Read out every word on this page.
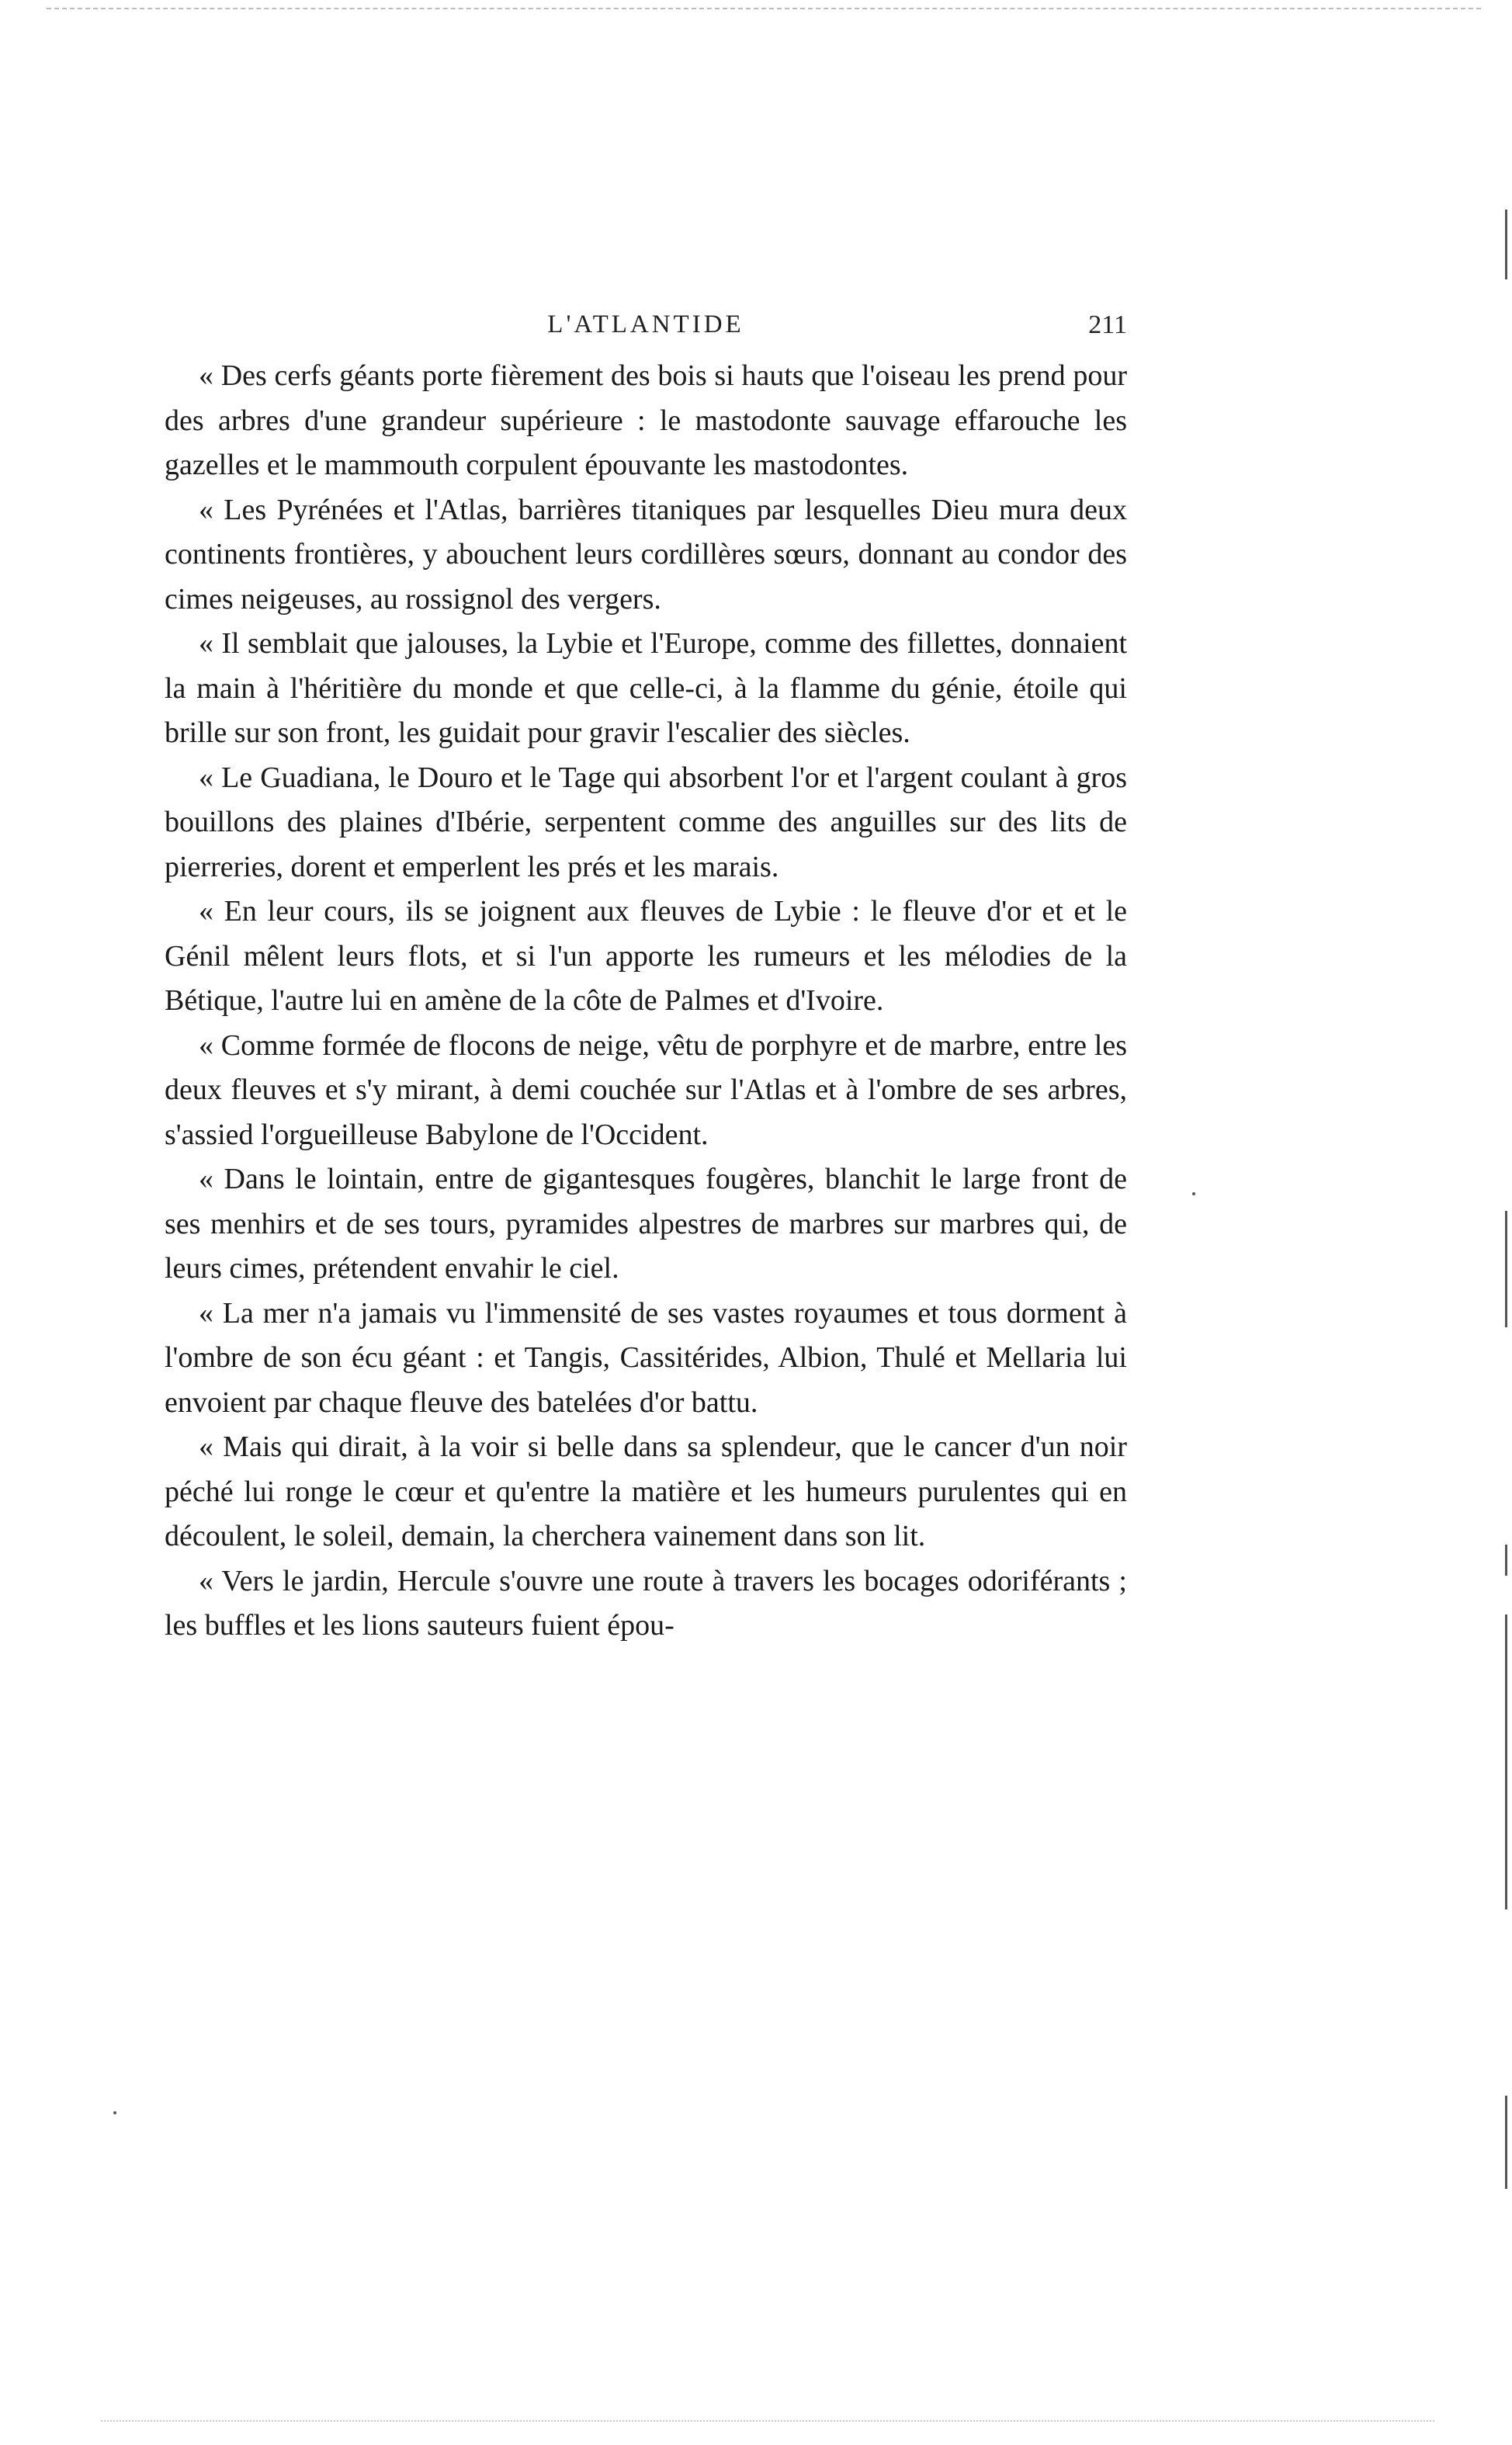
L'ATLANTIDE	211

« Des cerfs géants porte fièrement des bois si hauts que l'oiseau les prend pour des arbres d'une grandeur supérieure : le mastodonte sauvage effarouche les gazelles et le mammouth corpulent épouvante les mastodontes.

« Les Pyrénées et l'Atlas, barrières titaniques par lesquelles Dieu mura deux continents frontières, y abouchent leurs cordillères sœurs, donnant au condor des cimes neigeuses, au rossignol des vergers.

« Il semblait que jalouses, la Lybie et l'Europe, comme des fillettes, donnaient la main à l'héritière du monde et que celle-ci, à la flamme du génie, étoile qui brille sur son front, les guidait pour gravir l'escalier des siècles.

« Le Guadiana, le Douro et le Tage qui absorbent l'or et l'argent coulant à gros bouillons des plaines d'Ibérie, serpentent comme des anguilles sur des lits de pierreries, dorent et emperlent les prés et les marais.

« En leur cours, ils se joignent aux fleuves de Lybie : le fleuve d'or et et le Génil mêlent leurs flots, et si l'un apporte les rumeurs et les mélodies de la Bétique, l'autre lui en amène de la côte de Palmes et d'Ivoire.

« Comme formée de flocons de neige, vêtu de porphyre et de marbre, entre les deux fleuves et s'y mirant, à demi couchée sur l'Atlas et à l'ombre de ses arbres, s'assied l'orgueilleuse Babylone de l'Occident.

« Dans le lointain, entre de gigantesques fougères, blanchit le large front de ses menhirs et de ses tours, pyramides alpestres de marbres sur marbres qui, de leurs cimes, prétendent envahir le ciel.

« La mer n'a jamais vu l'immensité de ses vastes royaumes et tous dorment à l'ombre de son écu géant : et Tangis, Cassitérides, Albion, Thulé et Mellaria lui envoient par chaque fleuve des batelées d'or battu.

« Mais qui dirait, à la voir si belle dans sa splendeur, que le cancer d'un noir péché lui ronge le cœur et qu'entre la matière et les humeurs purulentes qui en découlent, le soleil, demain, la cherchera vainement dans son lit.

« Vers le jardin, Hercule s'ouvre une route à travers les bocages odoriférants ; les buffles et les lions sauteurs fuient épou-
